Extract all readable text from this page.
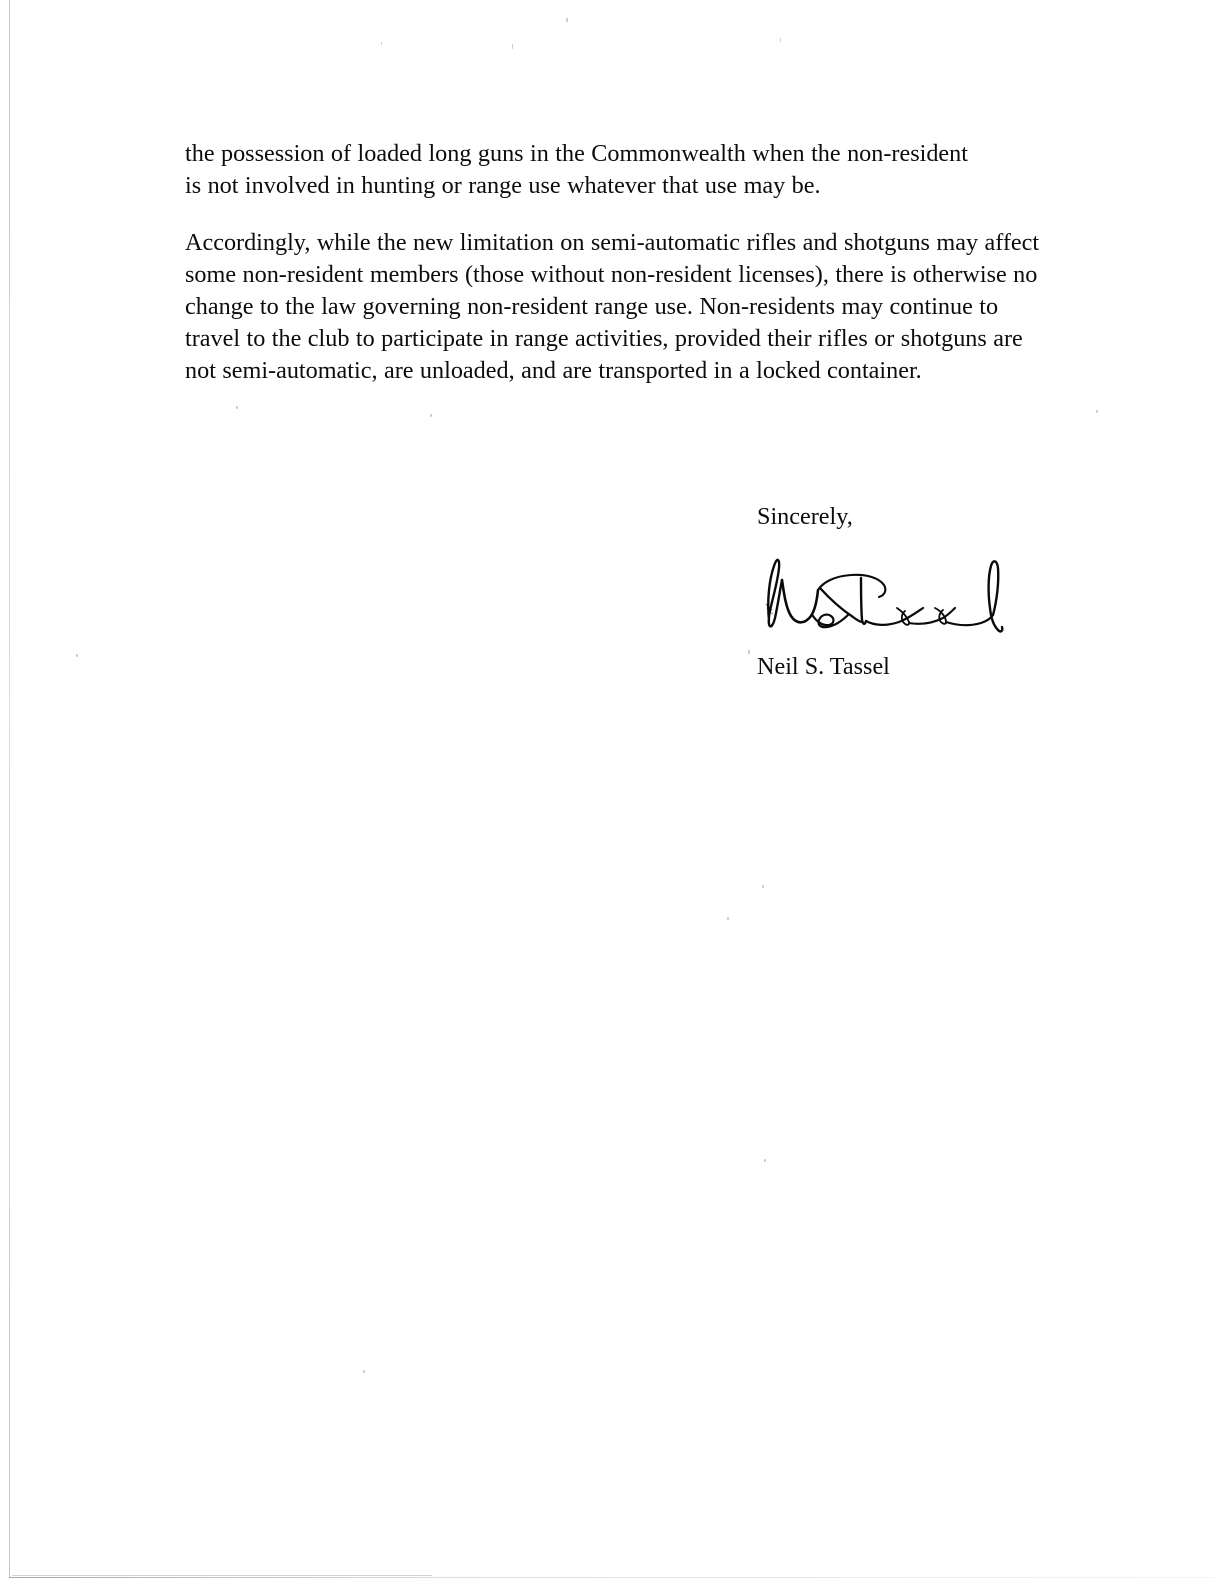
the possession of loaded long guns in the Commonwealth when the non-resident is not involved in hunting or range use whatever that use may be.

Accordingly, while the new limitation on semi-automatic rifles and shotguns may affect some non-resident members (those without non-resident licenses), there is otherwise no change to the law governing non-resident range use. Non-residents may continue to travel to the club to participate in range activities, provided their rifles or shotguns are not semi-automatic, are unloaded, and are transported in a locked container.

Sincerely,
Neil S. Tassel
